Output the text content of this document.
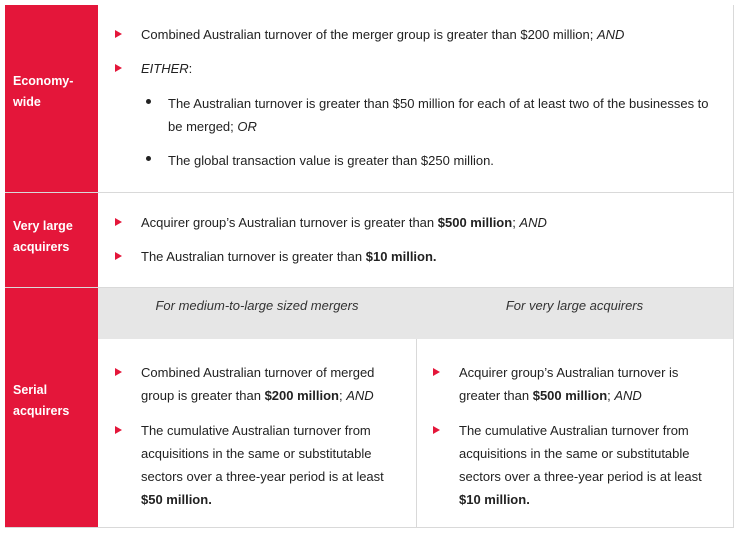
Economy-
wide
Combined Australian turnover of the merger group is greater than $200 million; AND
EITHER:
The Australian turnover is greater than $50 million for each of at least two of the businesses to
be merged; OR
The global transaction value is greater than $250 million.
Very large
acquirers
Acquirer group’s Australian turnover is greater than $500 million; AND
The Australian turnover is greater than $10 million.
Serial
acquirers
For medium-to-large sized mergers	For very large acquirers
Combined Australian turnover of merged
group is greater than $200 million; AND
The cumulative Australian turnover from
acquisitions in the same or substitutable
sectors over a three-year period is at least
$50 million.
Acquirer group’s Australian turnover is
greater than $500 million; AND
The cumulative Australian turnover from
acquisitions in the same or substitutable
sectors over a three-year period is at least
$10 million.
